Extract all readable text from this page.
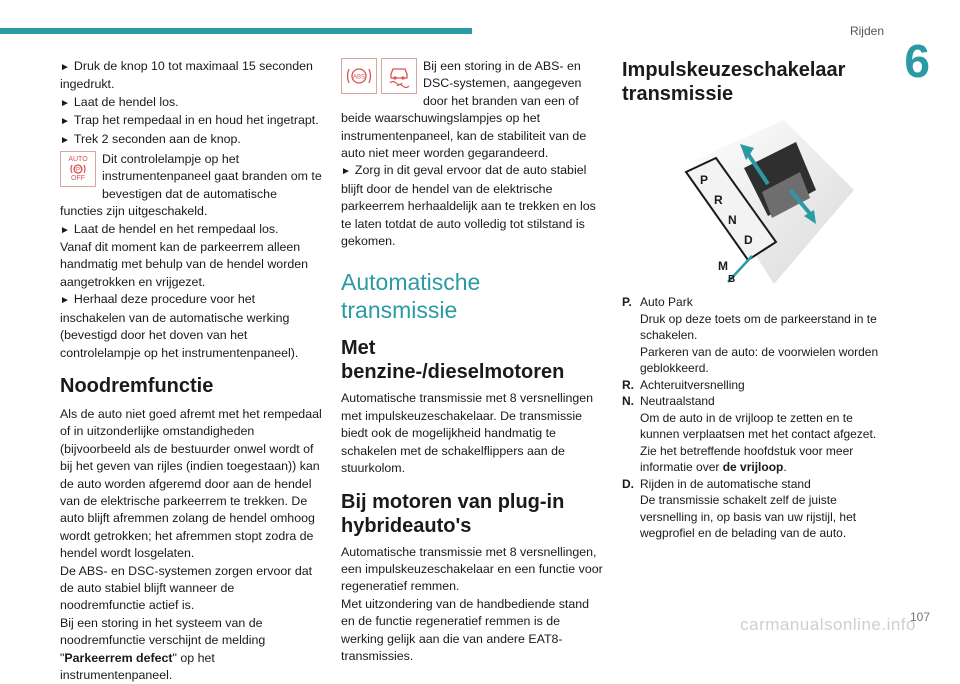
Rijden
6

► Druk de knop 10 tot maximaal 15 seconden ingedrukt.

► Laat de hendel los.

► Trap het rempedaal in en houd het ingetrapt.

► Trek 2 seconden aan de knop.

AUTO
(P)
OFF

Dit controlelampje op het instrumentenpaneel gaat branden om te bevestigen dat de automatische functies zijn uitgeschakeld.

► Laat de hendel en het rempedaal los.

Vanaf dit moment kan de parkeerrem alleen handmatig met behulp van de hendel worden aangetrokken en vrijgezet.

► Herhaal deze procedure voor het inschakelen van de automatische werking (bevestigd door het doven van het controlelampje op het instrumentenpaneel).

Noodremfunctie

Als de auto niet goed afremt met het rempedaal of in uitzonderlijke omstandigheden (bijvoorbeeld als de bestuurder onwel wordt of bij het geven van rijles (indien toegestaan)) kan de auto worden afgeremd door aan de hendel van de elektrische parkeerrem te trekken. De auto blijft afremmen zolang de hendel omhoog wordt getrokken; het afremmen stopt zodra de hendel wordt losgelaten.

De ABS- en DSC-systemen zorgen ervoor dat de auto stabiel blijft wanneer de noodremfunctie actief is.

Bij een storing in het systeem van de noodremfunctie verschijnt de melding "Parkeerrem defect" op het instrumentenpaneel.

ABS

Bij een storing in de ABS- en DSC-systemen, aangegeven door het branden van een of beide waarschuwingslampjes op het instrumentenpaneel, kan de stabiliteit van de auto niet meer worden gegarandeerd.

► Zorg in dit geval ervoor dat de auto stabiel blijft door de hendel van de elektrische parkeerrem herhaaldelijk aan te trekken en los te laten totdat de auto volledig tot stilstand is gekomen.

Automatische transmissie
Met benzine-/dieselmotoren

Automatische transmissie met 8 versnellingen met impulskeuzeschakelaar. De transmissie biedt ook de mogelijkheid handmatig te schakelen met de schakelflippers aan de stuurkolom.

Bij motoren van plug-in hybrideauto's

Automatische transmissie met 8 versnellingen, een impulskeuzeschakelaar en een functie voor regeneratief remmen.

Met uitzondering van de handbediende stand en de functie regeneratief remmen is de werking gelijk aan die van andere EAT8-transmissies.

Impulskeuzeschakelaar transmissie
P
R
N
D
M
B
P. Auto Park
Druk op deze toets om de parkeerstand in te schakelen.
Parkeren van de auto: de voorwielen worden geblokkeerd.
R. Achteruitversnelling
N. Neutraalstand
Om de auto in de vrijloop te zetten en te kunnen verplaatsen met het contact afgezet.
Zie het betreffende hoofdstuk voor meer informatie over de vrijloop.
D. Rijden in de automatische stand
De transmissie schakelt zelf de juiste versnelling in, op basis van uw rijstijl, het wegprofiel en de belading van de auto.
107
carmanualsonline.info
